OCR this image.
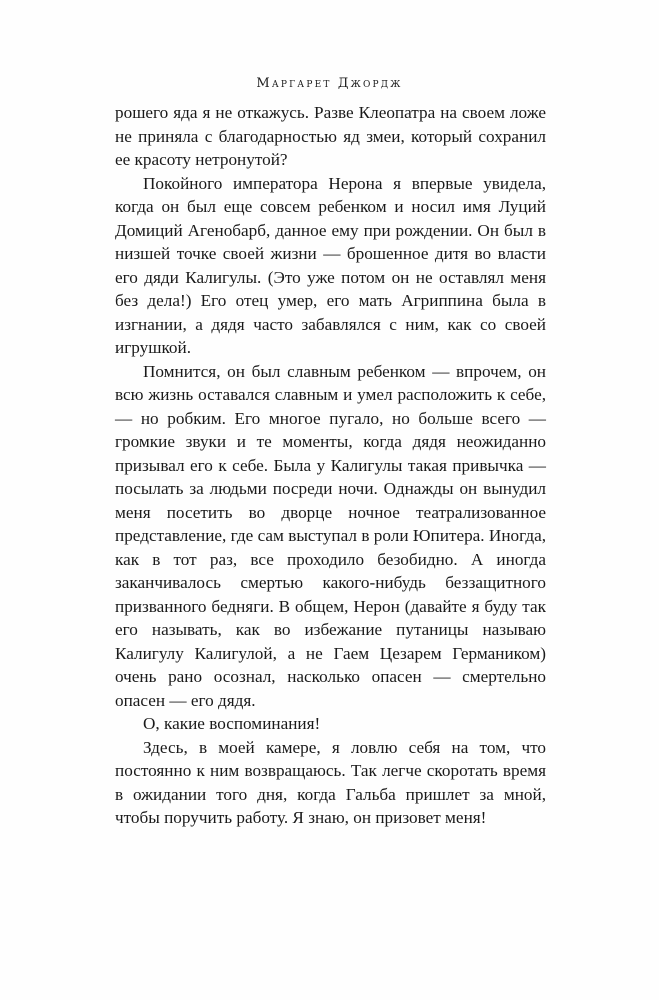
Маргарет Джордж

рошего яда я не откажусь. Разве Клеопатра на своем ложе не приняла с благодарностью яд змеи, который сохранил ее красоту нетронутой?

Покойного императора Нерона я впервые увидела, когда он был еще совсем ребенком и носил имя Луций Домиций Агенобарб, данное ему при рождении. Он был в низшей точке своей жизни — брошенное дитя во власти его дяди Калигулы. (Это уже потом он не оставлял меня без дела!) Его отец умер, его мать Агриппина была в изгнании, а дядя часто забавлялся с ним, как со своей игрушкой.

Помнится, он был славным ребенком — впрочем, он всю жизнь оставался славным и умел расположить к себе, — но робким. Его многое пугало, но больше всего — громкие звуки и те моменты, когда дядя неожиданно призывал его к себе. Была у Калигулы такая привычка — посылать за людьми посреди ночи. Однажды он вынудил меня посетить во дворце ночное театрализованное представление, где сам выступал в роли Юпитера. Иногда, как в тот раз, все проходило безобидно. А иногда заканчивалось смертью какого-нибудь беззащитного призванного бедняги. В общем, Нерон (давайте я буду так его называть, как во избежание путаницы называю Калигулу Калигулой, а не Гаем Цезарем Германиком) очень рано осознал, насколько опасен — смертельно опасен — его дядя.

О, какие воспоминания!

Здесь, в моей камере, я ловлю себя на том, что постоянно к ним возвращаюсь. Так легче скоротать время в ожидании того дня, когда Гальба пришлет за мной, чтобы поручить работу. Я знаю, он призовет меня!
